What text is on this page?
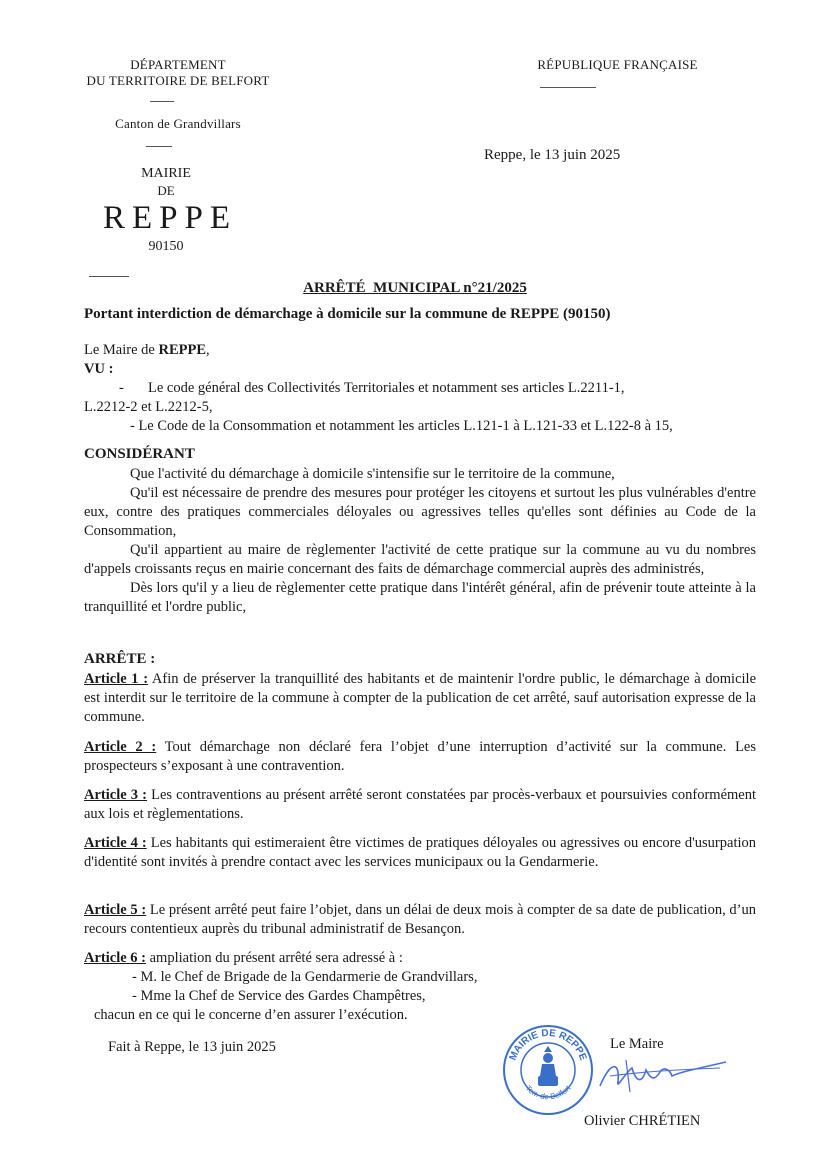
DÉPARTEMENT
DU TERRITOIRE DE BELFORT
Canton de Grandvillars
RÉPUBLIQUE FRANÇAISE
MAIRIE
DE
REPPE
90150
Reppe, le 13 juin 2025
ARRÊTÉ  MUNICIPAL n°21/2025
Portant interdiction de démarchage à domicile sur la commune de REPPE (90150)
Le Maire de REPPE,
VU :
- Le code général des Collectivités Territoriales et notamment ses articles L.2211-1,
L.2212-2 et L.2212-5,
- Le Code de la Consommation et notamment les articles L.121-1 à L.121-33 et L.122-8 à 15,
CONSIDÉRANT

Que l'activité du démarchage à domicile s'intensifie sur le territoire de la commune,

Qu'il est nécessaire de prendre des mesures pour protéger les citoyens et surtout les plus vulnérables d'entre eux, contre des pratiques commerciales déloyales ou agressives telles qu'elles sont définies au Code de la Consommation,

Qu'il appartient au maire de règlementer l'activité de cette pratique sur la commune au vu du nombres d'appels croissants reçus en mairie concernant des faits de démarchage commercial auprès des administrés,

Dès lors qu'il y a lieu de règlementer cette pratique dans l'intérêt général, afin de prévenir toute atteinte à la tranquillité et l'ordre public,

ARRÊTE :
Article 1 : Afin de préserver la tranquillité des habitants et de maintenir l'ordre public, le démarchage à domicile est interdit sur le territoire de la commune à compter de la publication de cet arrêté, sauf autorisation expresse de la commune.
Article 2 : Tout démarchage non déclaré fera l’objet d’une interruption d’activité sur la commune. Les prospecteurs s’exposant à une contravention.
Article 3 : Les contraventions au présent arrêté seront constatées par procès-verbaux et poursuivies conformément aux lois et règlementations.
Article 4 : Les habitants qui estimeraient être victimes de pratiques déloyales ou agressives ou encore d'usurpation d'identité sont invités à prendre contact avec les services municipaux ou la Gendarmerie.
Article 5 : Le présent arrêté peut faire l’objet, dans un délai de deux mois à compter de sa date de publication, d’un recours contentieux auprès du tribunal administratif de Besançon.
Article 6 : ampliation du présent arrêté sera adressé à :
- M. le Chef de Brigade de la Gendarmerie de Grandvillars,
- Mme la Chef de Service des Gardes Champêtres,
chacun en ce qui le concerne d’en assurer l’exécution.
Fait à Reppe, le 13 juin 2025	Le Maire
Olivier CHRÉTIEN
MAIRIE DE REPPE
Terr. de Belfort
